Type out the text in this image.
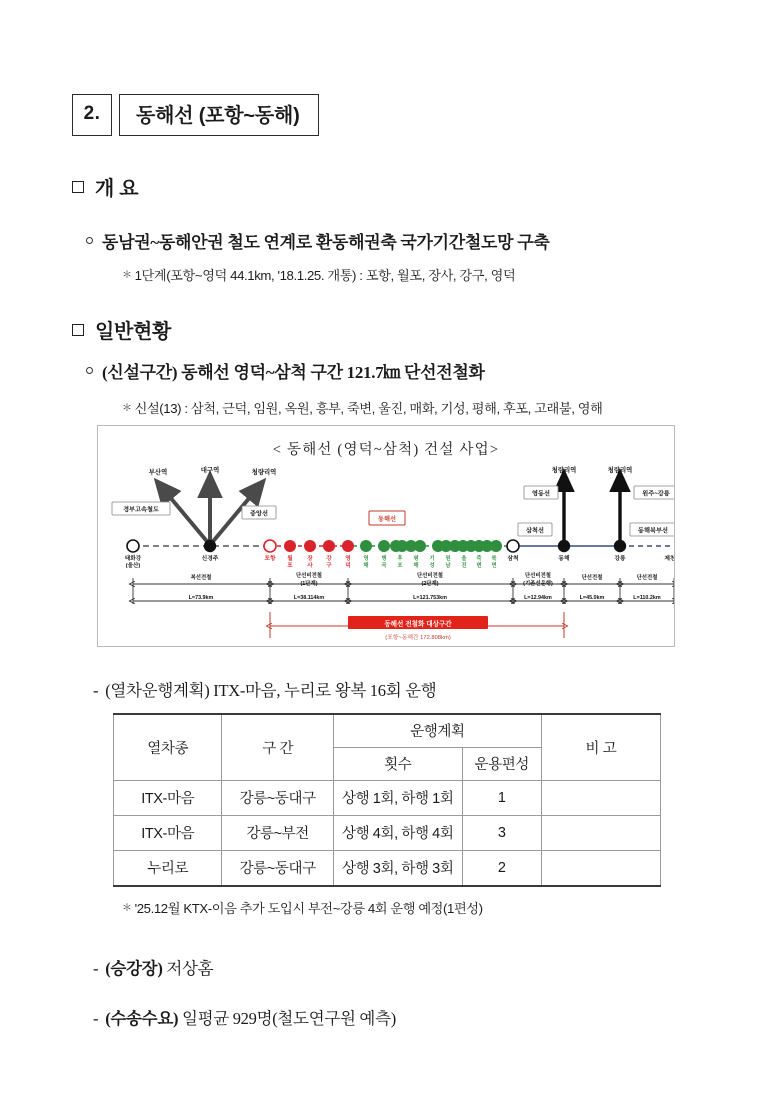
2.	동해선 (포항~동해)
개 요
동남권~동해안권 철도 연계로 환동해권축 국가기간철도망 구축
＊ 1단계(포항~영덕 44.1km, '18.1.25. 개통) : 포항, 월포, 장사, 강구, 영덕
일반현황
(신설구간) 동해선 영덕~삼척 구간 121.7㎞ 단선전철화
＊ 신설(13) : 삼척, 근덕, 임원, 옥원, 흥부, 죽변, 울진, 매화, 기성, 평해, 후포, 고래불, 영해
< 동해선 (영덕~삼척) 건설 사업>
부산역	대구역	청량리역	청량리역	청량리역
경부고속철도
중앙선
영동선	원주~강릉
삼척선	동해북부선
동해선
태화강
(울산)
신경주	포항 월
포
장
사
강
구
영
덕
영
해
병
곡
후
포
평
해
기
성
원
남
울
진
죽
변
북
면
삼척	동해	강릉	제천
복선전철
L=73.9km
단선비전철
(1단계)
L=38.114km
단선비전철
(2단계)
L=121.753km
단선비전철
(기존선운행)
L=12.94km
단선전철
L=45.0km
단선전철
L=110.2km
동해선 전철화 대상구간
(포항~동해간 172.808km)
- (열차운행계획) ITX-마음, 누리로 왕복 16회 운행
열차종	구 간	운행계획		비 고
		횟수	운용편성	
ITX-마음	강릉~동대구	상행 1회, 하행 1회	1	
ITX-마음	강릉~부전	상행 4회, 하행 4회	3	
누리로	강릉~동대구	상행 3회, 하행 3회	2	
＊ '25.12월 KTX-이음 추가 도입시 부전~강릉 4회 운행 예정(1편성)
- (승강장) 저상홈
- (수송수요) 일평균 929명(철도연구원 예측)
